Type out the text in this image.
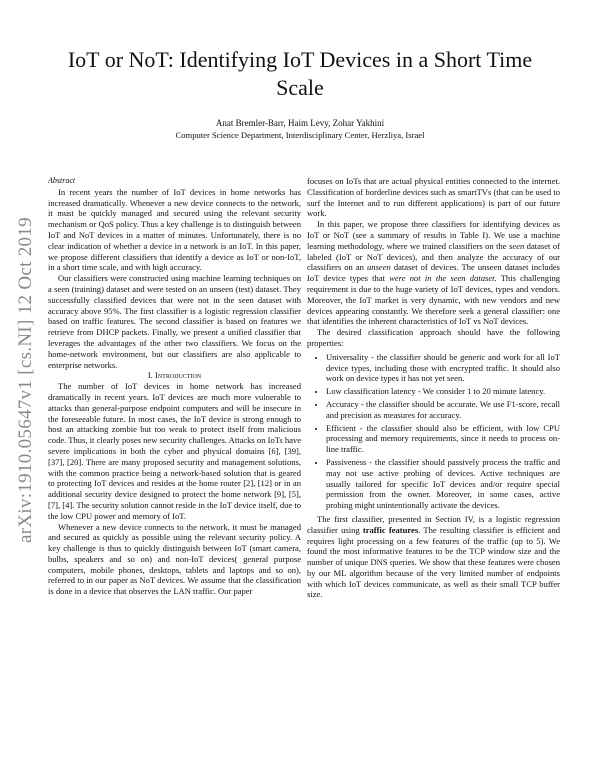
arXiv:1910.05647v1 [cs.NI] 12 Oct 2019
IoT or NoT: Identifying IoT Devices in a Short Time Scale
Anat Bremler-Barr, Haim Levy, Zohar Yakhini
Computer Science Department, Interdisciplinary Center, Herzliya, Israel

Abstract

In recent years the number of IoT devices in home networks has increased dramatically. Whenever a new device connects to the network, it must be quickly managed and secured using the relevant security mechanism or QoS policy. Thus a key challenge is to distinguish between IoT and NoT devices in a matter of minutes. Unfortunately, there is no clear indication of whether a device in a network is an IoT. In this paper, we propose different classifiers that identify a device as IoT or non-IoT, in a short time scale, and with high accuracy.

Our classifiers were constructed using machine learning techniques on a seen (training) dataset and were tested on an unseen (test) dataset. They successfully classified devices that were not in the seen dataset with accuracy above 95%. The first classifier is a logistic regression classifier based on traffic features. The second classifier is based on features we retrieve from DHCP packets. Finally, we present a unified classifier that leverages the advantages of the other two classifiers. We focus on the home-network environment, but our classifiers are also applicable to enterprise networks.

I. Introduction

The number of IoT devices in home network has increased dramatically in recent years. IoT devices are much more vulnerable to attacks than general-purpose endpoint computers and will be insecure in the foreseeable future. In most cases, the IoT device is strong enough to host an attacking zombie but too weak to protect itself from malicious code. Thus, it clearly poses new security challenges. Attacks on IoTs have severe implications in both the cyber and physical domains [6], [39], [37], [20]. There are many proposed security and management solutions, with the common practice being a network-based solution that is geared to protecting IoT devices and resides at the home router [2], [12] or in an additional security device designed to protect the home network [9], [5], [7], [4]. The security solution cannot reside in the IoT device itself, due to the low CPU power and memory of IoT.

Whenever a new device connects to the network, it must be managed and secured as quickly as possible using the relevant security policy. A key challenge is thus to quickly distinguish between IoT (smart camera, bulbs, speakers and so on) and non-IoT devices( general purpose computers, mobile phones, desktops, tablets and laptops and so on), referred to in our paper as NoT devices. We assume that the classification is done in a device that observes the LAN traffic. Our paper

focuses on IoTs that are actual physical entities connected to the internet. Classification of borderline devices such as smartTVs (that can be used to surf the Internet and to run different applications) is part of our future work.

In this paper, we propose three classifiers for identifying devices as IoT or NoT (see a summary of results in Table I). We use a machine learning methodology, where we trained classifiers on the seen dataset of labeled (IoT or NoT devices), and then analyze the accuracy of our classifiers on an unseen dataset of devices. The unseen dataset includes IoT device types that were not in the seen dataset. This challenging requirement is due to the huge variety of IoT devices, types and vendors. Moreover, the IoT market is very dynamic, with new vendors and new devices appearing constantly. We therefore seek a general classifier: one that identifies the inherent characteristics of IoT vs NoT devices.

The desired classification approach should have the following properties:

• Universality - the classifier should be generic and work for all IoT device types, including those with encrypted traffic. It should also work on device types it has not yet seen.
• Low classification latency - We consider 1 to 20 minute latency.
• Accuracy - the classifier should be accurate. We use F1-score, recall and precision as measures for accuracy.
• Efficient - the classifier should also be efficient, with low CPU processing and memory requirements, since it needs to process on-line traffic.
• Passiveness - the classifier should passively process the traffic and may not use active probing of devices. Active techniques are usually tailored for specific IoT devices and/or require special permission from the owner. Moreover, in some cases, active probing might unintentionally activate the devices.

The first classifier, presented in Section IV, is a logistic regression classifier using traffic features. The resulting classifier is efficient and requires light processing on a few features of the traffic (up to 5). We found the most informative features to be the TCP window size and the number of unique DNS queries. We show that these features were chosen by our ML algorithm because of the very limited number of endpoints with which IoT devices communicate, as well as their small TCP buffer size.
